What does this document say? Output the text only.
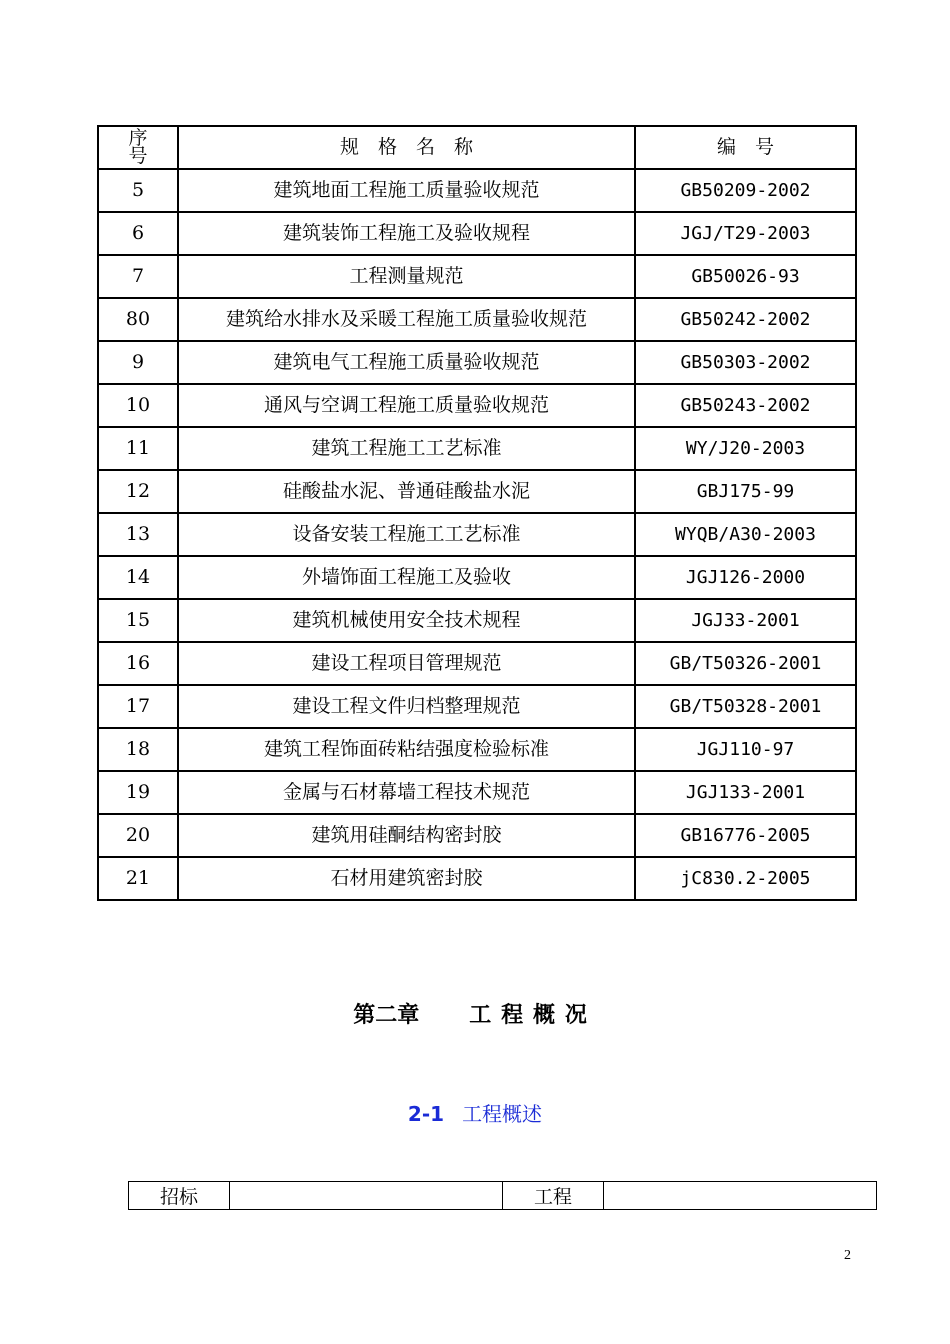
序号	规　格　名　称	编　号
5	建筑地面工程施工质量验收规范	GB50209-2002
6	建筑装饰工程施工及验收规程	JGJ/T29-2003
7	工程测量规范	GB50026-93
80	建筑给水排水及采暖工程施工质量验收规范	GB50242-2002
9	建筑电气工程施工质量验收规范	GB50303-2002
10	通风与空调工程施工质量验收规范	GB50243-2002
11	建筑工程施工工艺标准	WY/J20-2003
12	硅酸盐水泥、普通硅酸盐水泥	GBJ175-99
13	设备安装工程施工工艺标准	WYQB/A30-2003
14	外墙饰面工程施工及验收	JGJ126-2000
15	建筑机械使用安全技术规程	JGJ33-2001
16	建设工程项目管理规范	GB/T50326-2001
17	建设工程文件归档整理规范	GB/T50328-2001
18	建筑工程饰面砖粘结强度检验标准	JGJ110-97
19	金属与石材幕墙工程技术规范	JGJ133-2001
20	建筑用硅酮结构密封胶	GB16776-2005
21	石材用建筑密封胶	jC830.2-2005
第二章 工程概况
2-1 工程概述
招标		工程	
2
